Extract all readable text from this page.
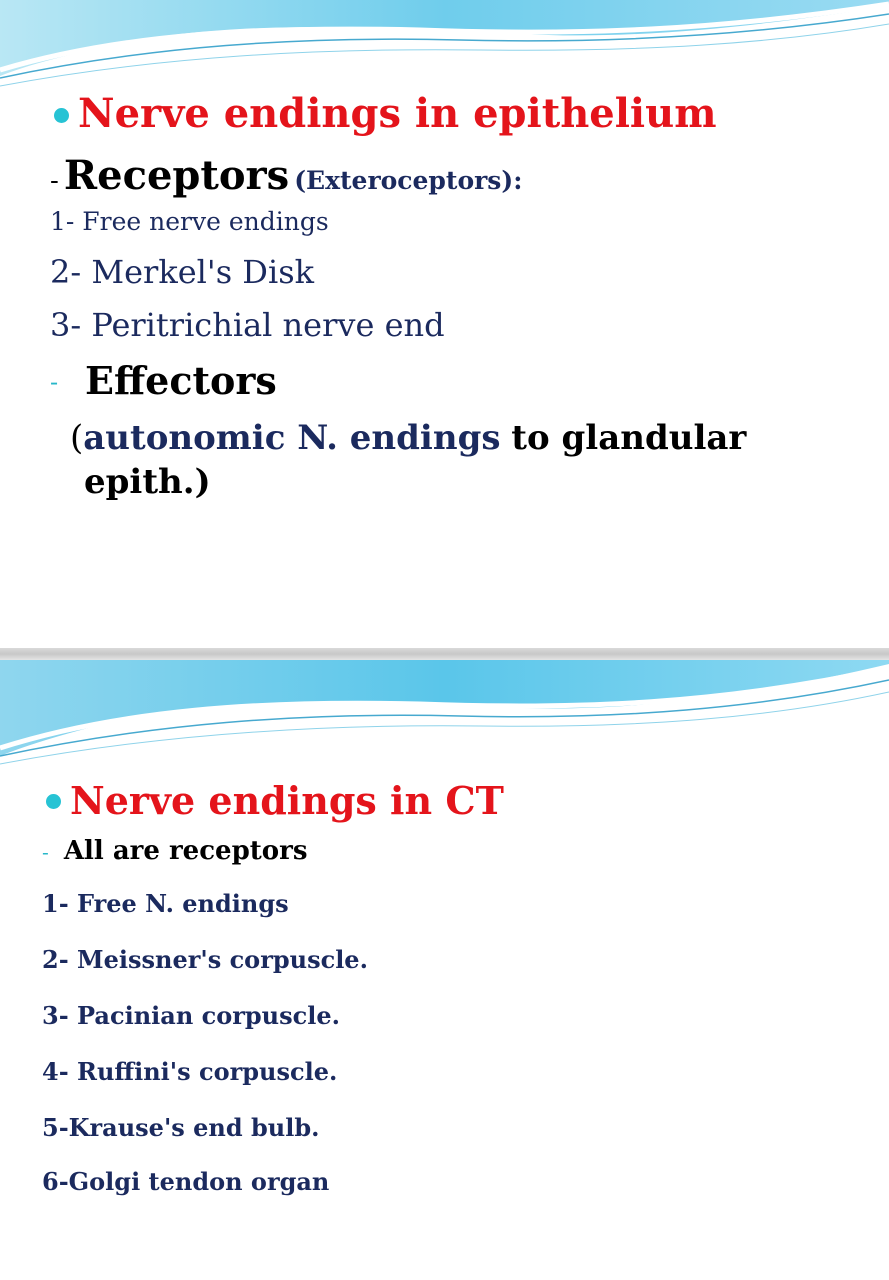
Nerve endings in epithelium
- Receptors (Exteroceptors):
1- Free nerve endings
2- Merkel's Disk
3- Peritrichial nerve end
- Effectors
(autonomic N. endings to glandular
epith.)
Nerve endings in CT
- All are receptors
1- Free N. endings
2- Meissner's corpuscle.
3- Pacinian corpuscle.
4- Ruffini's corpuscle.
5-Krause's end bulb.
6-Golgi tendon organ
